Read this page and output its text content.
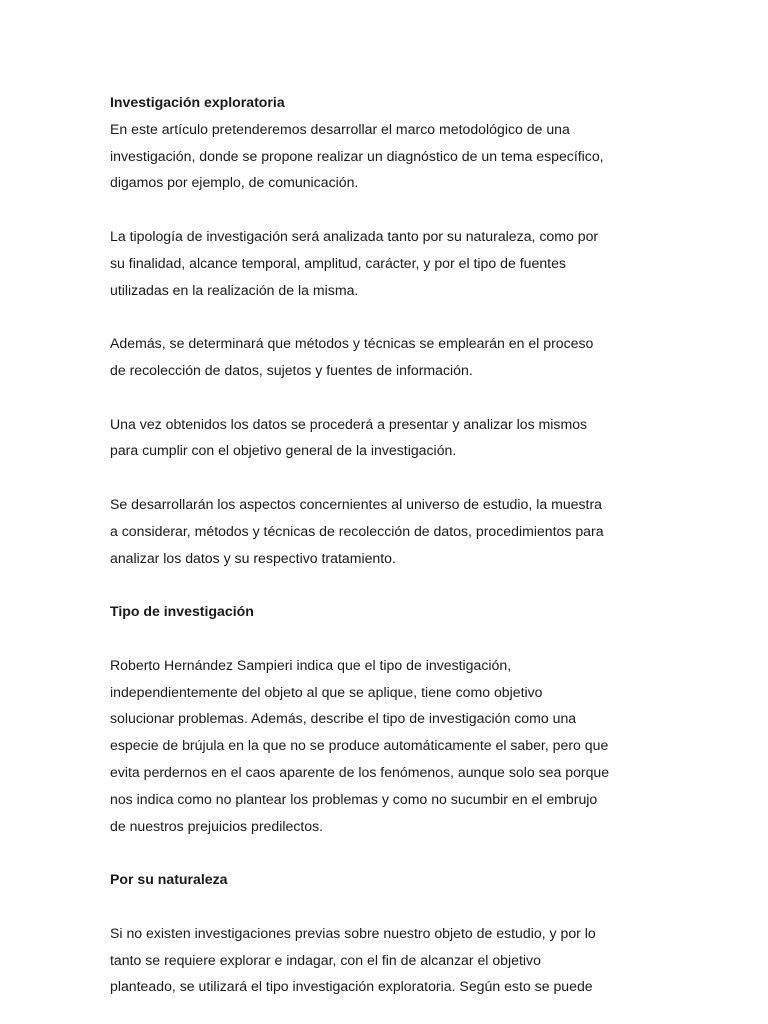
Investigación exploratoria

En este artículo pretenderemos desarrollar el marco metodológico de una
investigación, donde se propone realizar un diagnóstico de un tema específico,
digamos por ejemplo, de comunicación.

La tipología de investigación será analizada tanto por su naturaleza, como por
su finalidad, alcance temporal, amplitud, carácter, y por el tipo de fuentes
utilizadas en la realización de la misma.

Además, se determinará que métodos y técnicas se emplearán en el proceso
de recolección de datos, sujetos y fuentes de información.

Una vez obtenidos los datos se procederá a presentar y analizar los mismos
para cumplir con el objetivo general de la investigación.

Se desarrollarán los aspectos concernientes al universo de estudio, la muestra
a considerar, métodos y técnicas de recolección de datos, procedimientos para
analizar los datos y su respectivo tratamiento.

Tipo de investigación

Roberto Hernández Sampieri indica que el tipo de investigación,
independientemente del objeto al que se aplique, tiene como objetivo
solucionar problemas. Además, describe el tipo de investigación como una
especie de brújula en la que no se produce automáticamente el saber, pero que
evita perdernos en el caos aparente de los fenómenos, aunque solo sea porque
nos indica como no plantear los problemas y como no sucumbir en el embrujo
de nuestros prejuicios predilectos.

Por su naturaleza

Si no existen investigaciones previas sobre nuestro objeto de estudio, y por lo
tanto se requiere explorar e indagar, con el fin de alcanzar el objetivo
planteado, se utilizará el tipo investigación exploratoria. Según esto se puede
